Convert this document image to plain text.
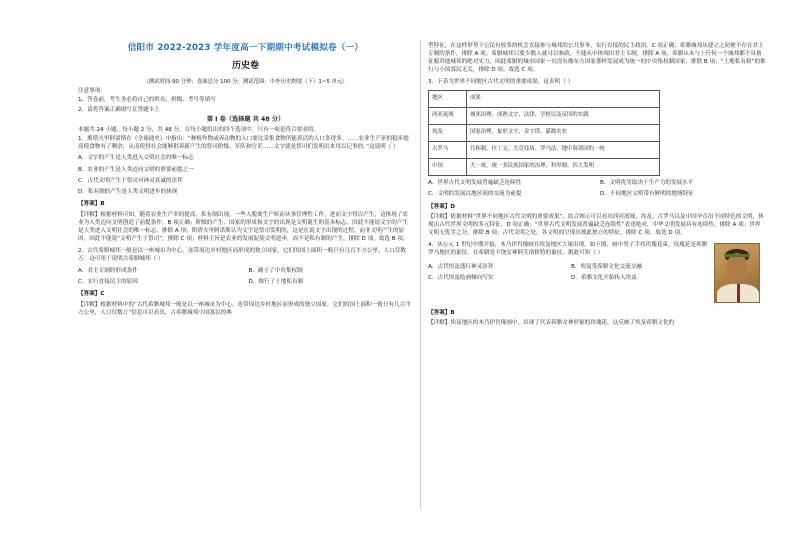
信阳市 2022-2023 学年度高一下期期中考试模拟卷（一）
历史卷
（测试时间:90 分钟；卷面总分 100 分；测试范围：中外历史纲要（下）1~5 单元）
注意事项：
1、答卷前，考生务必将自己的姓名、班级、考号等填写
2、请将答案正确填写在答题卡上
第 I 卷（选择题 共 48 分）
本题共 24 小题，每小题 2 分，共 48 分。在每小题给出的四个选项中，只有一项是符合要求的。
1．斯塔夫里阿诺斯在《全球通史》中指出：“种植作物或养动物的人口要比采集食物所能养活的人口多得多。……农业生产率的稳步提高使食物有了剩余，从而使得社会能够供养新产生的祭司阶级、军队和官吏……文字就是祭司们发明出来用以记事的。”这说明（ ）
A．文字的产生是人类进入文明社会的唯一标志
B．农业的产生是人类迈向文明的重要前提之一
C．古代文明产生于祭司对神灵真诚的崇拜
D．私有制的产生是人类文明进步的体现
【答案】B
【详解】根据材料可知，随着农业生产率的提高，私有制出现，一些人脱离生产转而从事管理性工作，进而文字得以产生，这体现了农业为人类迈向文明创造了前提条件，B 项正确；阶级的产生、国家的形成和文字的出现是文明诞生的基本标志，因此不能说文字的产生是人类进入文明社会的唯一标志，排除 A 项；斯塔夫里阿诺斯认为文字是祭司发明的，这是在说文字出现的过程，而非文明产生的原因，因此不能说“文明产生于祭司”，排除 C 项；材料主旨是农业的发展促使文明进步，而不是私有制的产生，排除 D 项。故选 B 项。
2．古代希腊城邦一般是以一座城市为中心、连带周边乡村地区而形成的独立国家，它们的国土面积一般只有几百平方公里，人口仅数万。这可用于说明古希腊城邦（ ）
A．君主专制的形成条件	B．确立了中央集权制
C．实行直接民主的原因	D．推行了土地私有制
【答案】C
【详解】根据材料中的“古代希腊城邦一般是以一座城市为中心、连带周边乡村地区而形成的独立国家，它们的国土面积一般只有几百平方公里，人口仅数万”信息可以看出，古希腊城邦小国寡民的典
型特征，在这样形势下公民有较多的机会直接参与城邦的公共事务，实行直接的民主政治，C 项正确；希腊城邦从建立之初便不存在君主专制的条件，排除 A 项；希腊城邦只要少数人就可以参政，不能从中体现出君主专制，排除 A 项；希腊从未与上任何一个城邦都不具备征服其他城邦的绝对实力，因此希腊的城市国家一直没有像东方国家那样发展成为统一的中央集权制国家，排除 B 项；“土地私有制”的推行与小国寡民无关，排除 D 项。故选 C 项。
3．下表为世界不同地区古代文明的重要成果。这表明（ ）
地区	成果
西亚流域	城邦治理、成熟文字、法律、学校以及帝国的实践
埃及	国家治理、象形文字、金字塔、灌溉农业
古罗马	共和制、拉丁文、大竞技场、罗马法、地中海诸国的一统
中国	大一统、统一多民族国家的治理、科举制、四大发明
A．世界古代文明发展普遍缺乏连续性	B．文明优劣取决于生产力的发展水平
C．文明的发展以地区间的交流为前提	D．不同地区文明带有鲜明的地域特征
【答案】D
【详解】依据材料“世界不同地区古代文明的重要成果”，结合图示可以看出西河流域、埃及、古罗马以及中国孕育出不同特色的文明，体现出古代世界文明的多元特征，D 项正确；“世界古代文明发展普遍缺乏连续性”表述绝对，中华文明发展具有连续性，排除 A 项；世界文明无优劣之分，排除 B 项；古代文明之处，各文明间呈现出彼此独立的特征，排除 C 项。故选 D 项。
4．从公元 1 世纪中期开始，木乃伊肖像画在埃及地区大量出现。如下图，画中男子手持玫瑰花束，玫瑰花是希腊罗马地区的象征，在希腊是丰饶女神阿芙洛狄特的象征。据此可知（ ）
A．古代埃及盛行神灵崇拜	B．埃及受希腊文化交流交融
C．古代埃及绘画倾向写实	D．希腊文化开始传入埃及
【答案】B
【详解】埃及地区的木乃伊肖像画中，出现了代表希腊女神形象的玫瑰花，这反映了埃及希腊文化的
